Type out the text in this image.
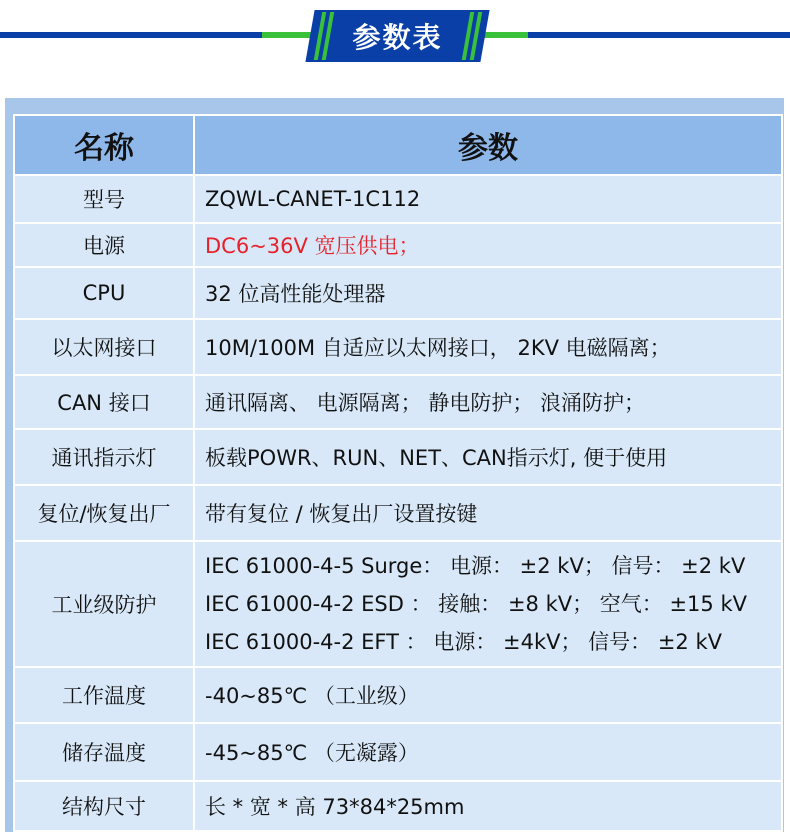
参数表
名称	参数
型号	ZQWL-CANET-1C112
电源	DC6~36V 宽压供电；
CPU	32 位高性能处理器
以太网接口	10M/100M 自适应以太网接口， 2KV 电磁隔离；
CAN 接口	通讯隔离、 电源隔离； 静电防护； 浪涌防护；
通讯指示灯	板载POWR、RUN、NET、CAN指示灯, 便于使用
复位/恢复出厂	带有复位 / 恢复出厂设置按键
工业级防护	IEC 61000-4-5 Surge： 电源： ±2 kV； 信号： ±2 kV
IEC 61000-4-2 ESD ： 接触： ±8 kV； 空气： ±15 kV
IEC 61000-4-2 EFT ： 电源： ±4kV； 信号： ±2 kV

工作温度	-40~85℃ （工业级）
储存温度	-45~85℃ （无凝露）
结构尺寸	长 * 宽 * 高 73*84*25mm
